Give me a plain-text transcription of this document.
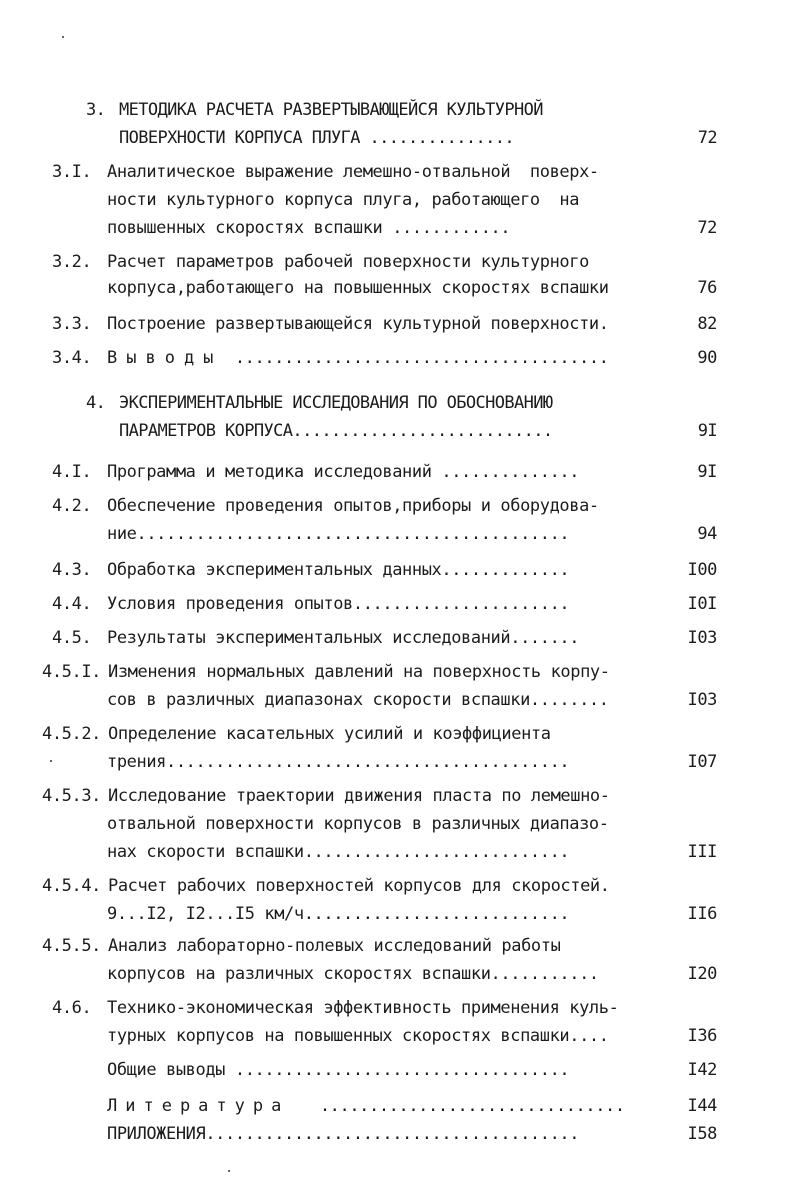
3. МЕТОДИКА РАСЧЕТА РАЗВЕРТЫВАЮЩЕЙСЯ КУЛЬТУРНОЙ
ПОВЕРХНОСТИ КОРПУСА ПЛУГА ...............	72
3.I. Аналитическое выражение лемешно-отвальной  поверх-
ности культурного корпуса плуга, работающего  на
повышенных скоростях вспашки ............	72
3.2. Расчет параметров рабочей поверхности культурного
корпуса,работающего на повышенных скоростях вспашки	76
3.3. Построение развертывающейся культурной поверхности.	82
3.4. Выводы ......................................	90
4. ЭКСПЕРИМЕНТАЛЬНЫЕ ИССЛЕДОВАНИЯ ПО ОБОСНОВАНИЮ
ПАРАМЕТРОВ КОРПУСА...........................	9I
4.I. Программа и методика исследований ..............	9I
4.2. Обеспечение проведения опытов,приборы и оборудова-
ние............................................	94
4.3. Обработка экспериментальных данных.............	I00
4.4. Условия проведения опытов......................	I0I
4.5. Результаты экспериментальных исследований.......	I03
4.5.I. Изменения нормальных давлений на поверхность корпу-
сов в различных диапазонах скорости вспашки........	I03
4.5.2. Определение касательных усилий и коэффициента
трения.........................................	I07
4.5.3. Исследование траектории движения пласта по лемешно-
отвальной поверхности корпусов в различных диапазо-
нах скорости вспашки...........................	III
4.5.4. Расчет рабочих поверхностей корпусов для скоростей.
9...I2, I2...I5 км/ч...........................	II6
4.5.5. Анализ лабораторно-полевых исследований работы
корпусов на различных скоростях вспашки...........	I20
4.6. Технико-экономическая эффективность применения куль-
турных корпусов на повышенных скоростях вспашки....	I36
Общие выводы ..................................	I42
Литература ...............................	I44
ПРИЛОЖЕНИЯ......................................	I58
